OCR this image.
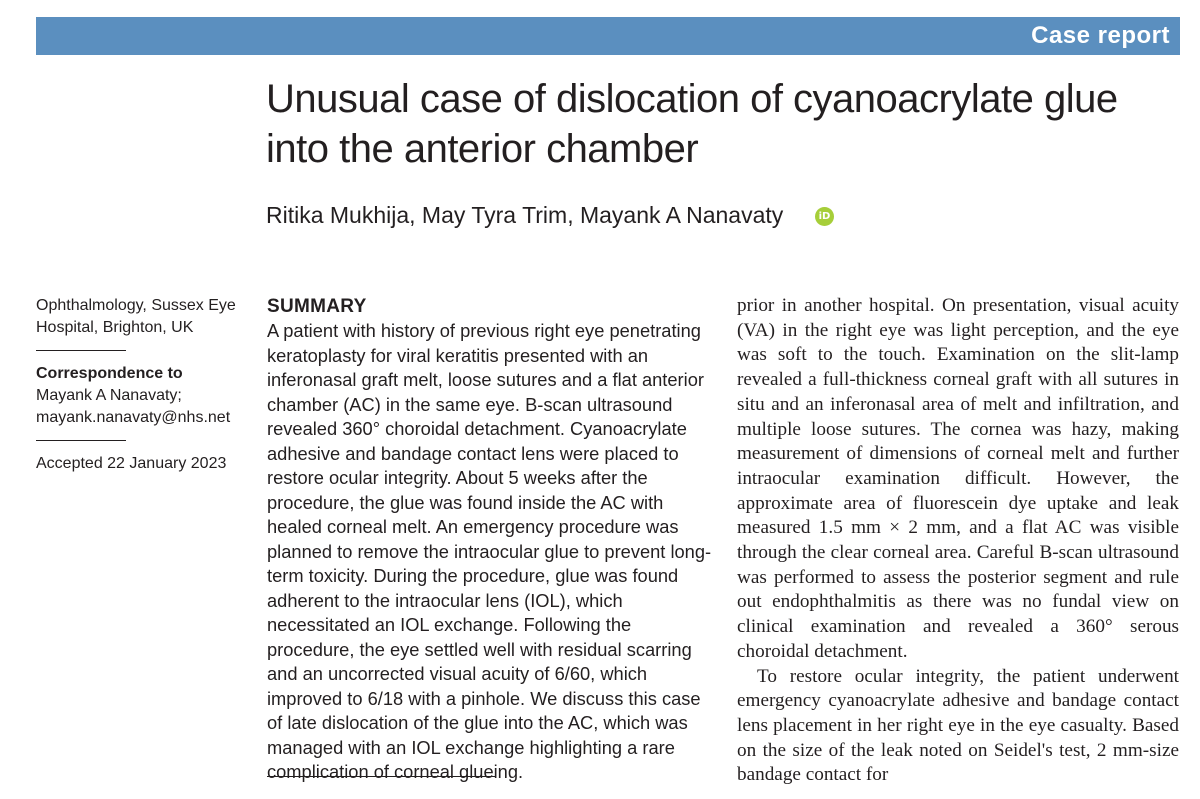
Case report
Unusual case of dislocation of cyanoacrylate glue into the anterior chamber
Ritika Mukhija, May Tyra Trim, Mayank A Nanavaty	iD
Ophthalmology, Sussex Eye Hospital, Brighton, UK
Correspondence to
Mayank A Nanavaty;
mayank.nanavaty@nhs.net
Accepted 22 January 2023
SUMMARY

A patient with history of previous right eye penetrating keratoplasty for viral keratitis presented with an inferonasal graft melt, loose sutures and a flat anterior chamber (AC) in the same eye. B-scan ultrasound revealed 360° choroidal detachment. Cyanoacrylate adhesive and bandage contact lens were placed to restore ocular integrity. About 5 weeks after the procedure, the glue was found inside the AC with healed corneal melt. An emergency procedure was planned to remove the intraocular glue to prevent long-term toxicity. During the procedure, glue was found adherent to the intraocular lens (IOL), which necessitated an IOL exchange. Following the procedure, the eye settled well with residual scarring and an uncorrected visual acuity of 6/60, which improved to 6/18 with a pinhole. We discuss this case of late dislocation of the glue into the AC, which was managed with an IOL exchange highlighting a rare complication of corneal glueing.

prior in another hospital. On presentation, visual acuity (VA) in the right eye was light perception, and the eye was soft to the touch. Examination on the slit-lamp revealed a full-thickness corneal graft with all sutures in situ and an inferonasal area of melt and infiltration, and multiple loose sutures. The cornea was hazy, making measurement of dimensions of corneal melt and further intraocular examination difficult. However, the approximate area of fluorescein dye uptake and leak measured 1.5 mm × 2 mm, and a flat AC was visible through the clear corneal area. Careful B-scan ultrasound was performed to assess the posterior segment and rule out endophthalmitis as there was no fundal view on clinical examination and revealed a 360° serous choroidal detachment.

To restore ocular integrity, the patient underwent emergency cyanoacrylate adhesive and bandage contact lens placement in her right eye in the eye casualty. Based on the size of the leak noted on Seidel's test, 2 mm-size bandage contact for
